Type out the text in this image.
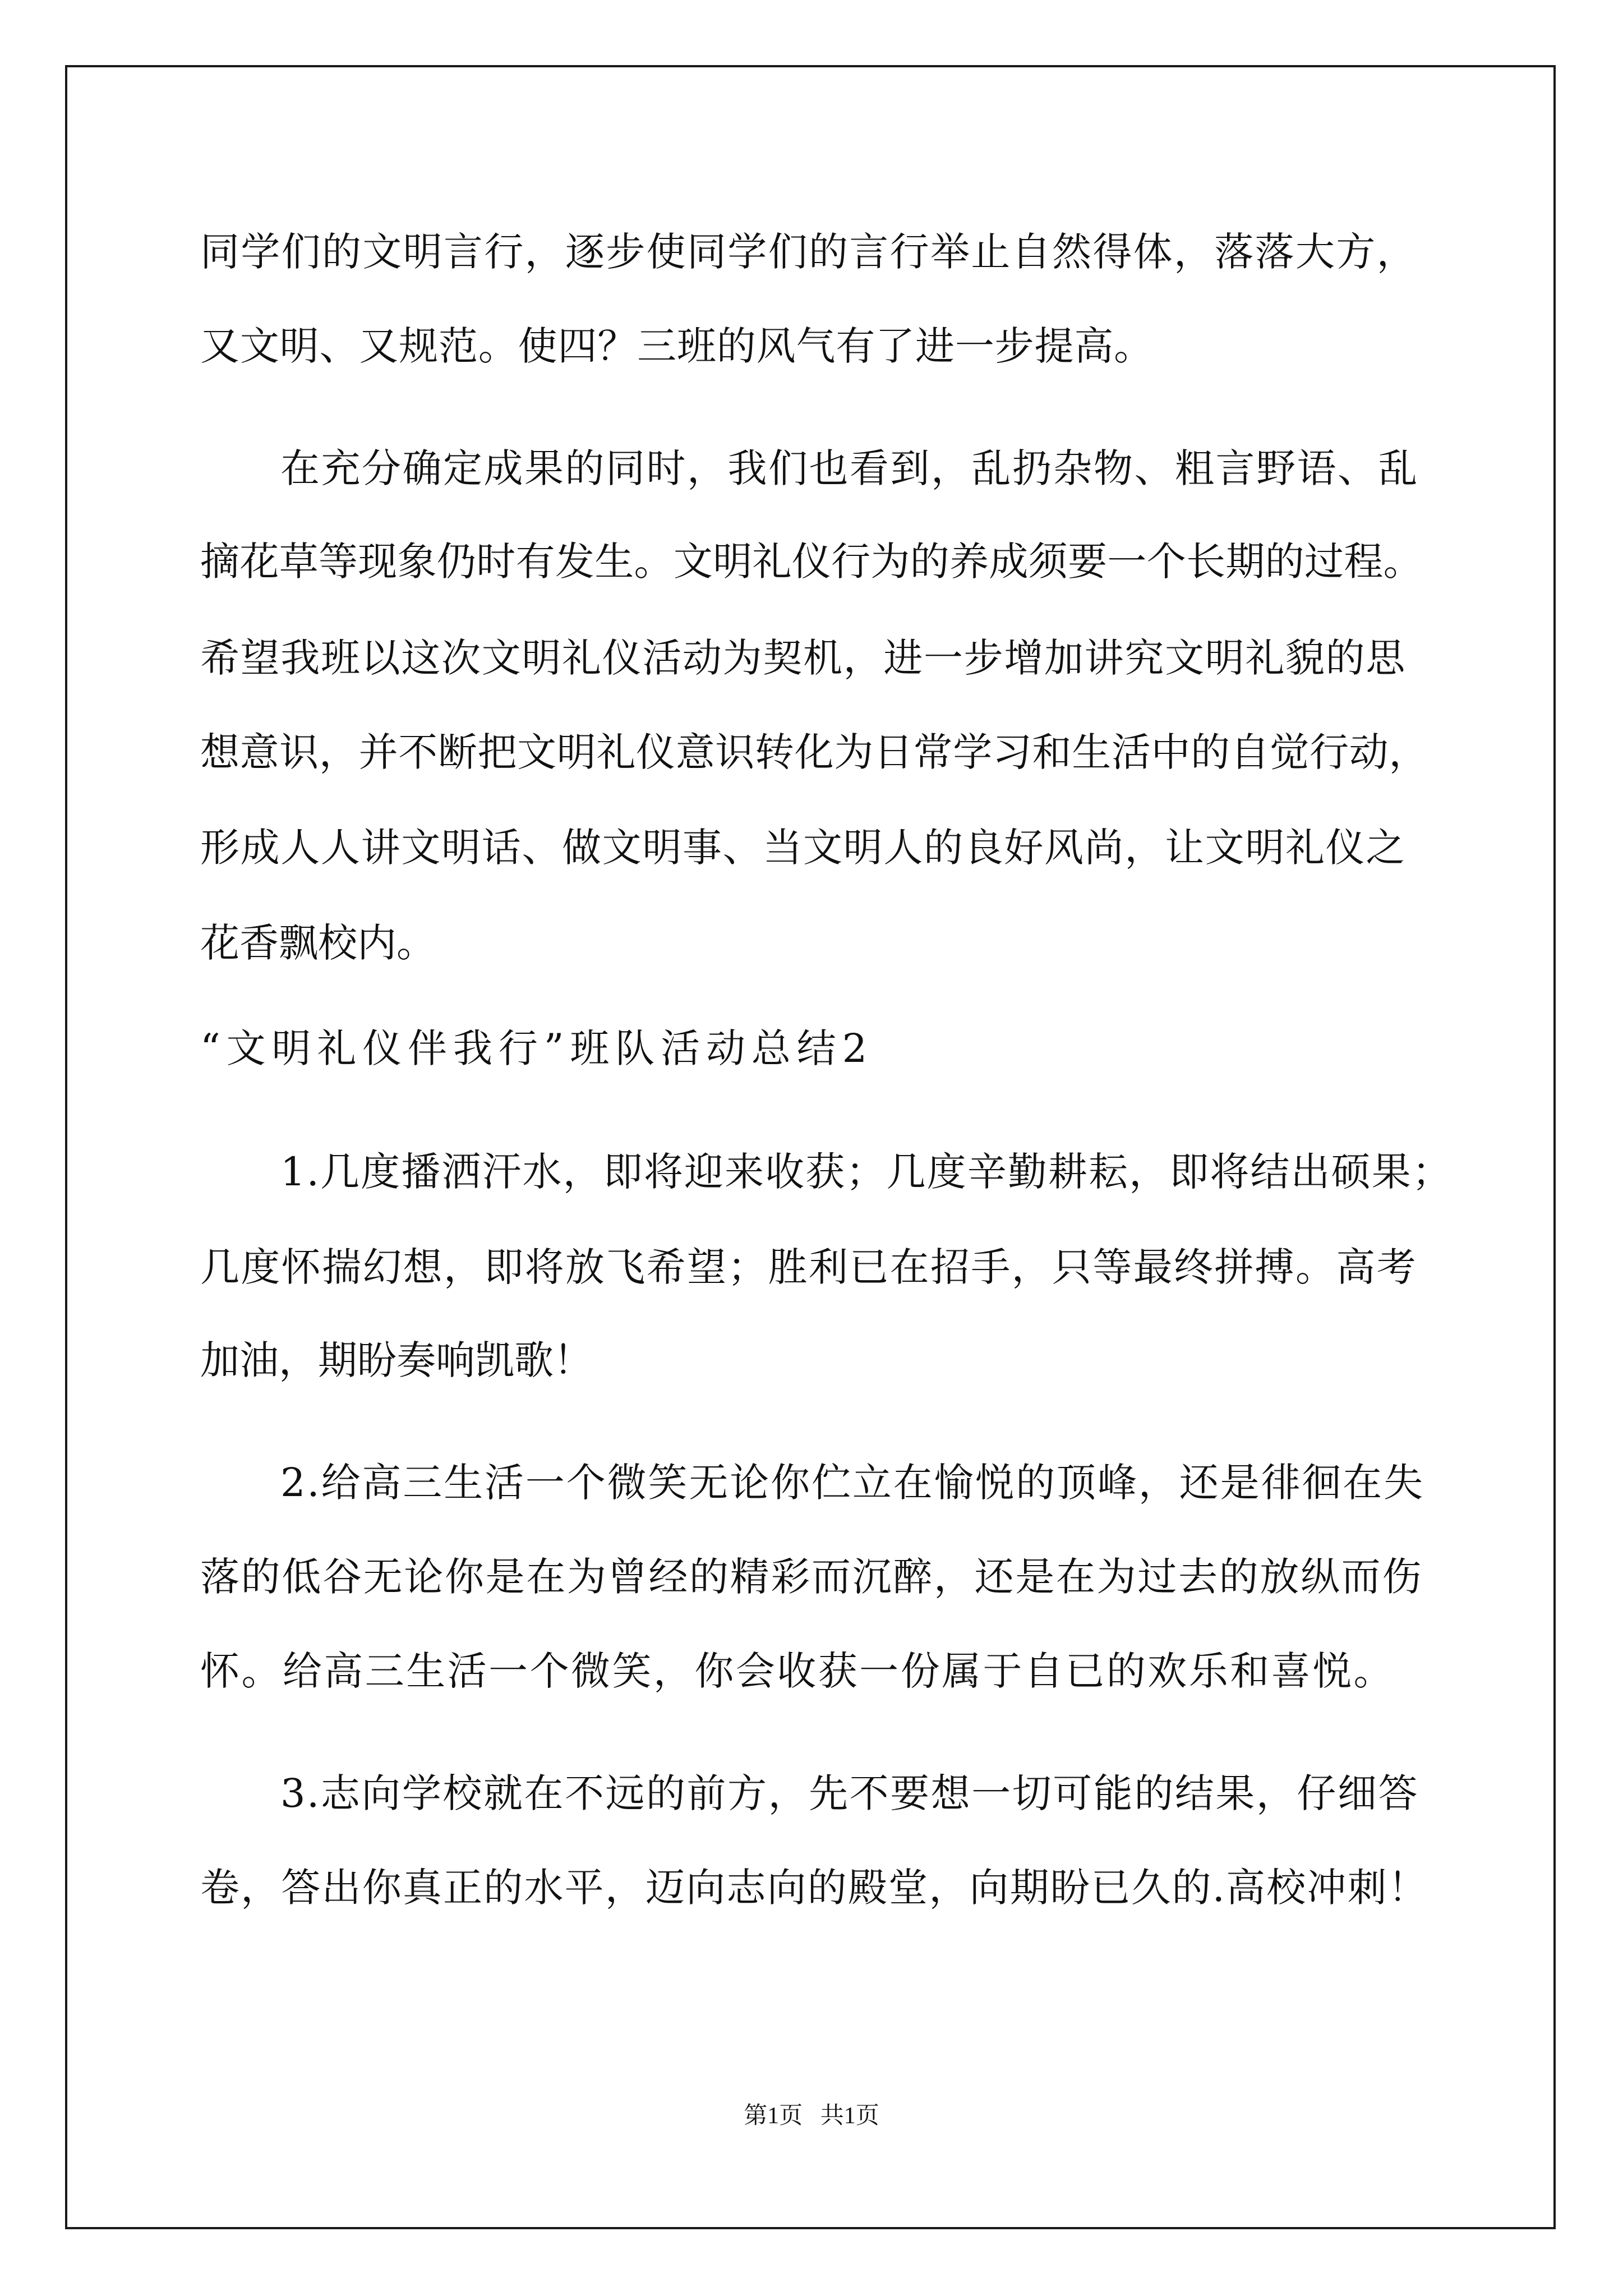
同学们的文明言行，逐步使同学们的言行举止自然得体，落落大方，

又文明、又规范。使四？三班的风气有了进一步提高。

在充分确定成果的同时，我们也看到，乱扔杂物、粗言野语、乱

摘花草等现象仍时有发生。文明礼仪行为的养成须要一个长期的过程。

希望我班以这次文明礼仪活动为契机，进一步增加讲究文明礼貌的思

想意识，并不断把文明礼仪意识转化为日常学习和生活中的自觉行动，

形成人人讲文明话、做文明事、当文明人的良好风尚，让文明礼仪之

花香飘校内。

“文明礼仪伴我行”班队活动总结2

1.几度播洒汗水，即将迎来收获；几度辛勤耕耘，即将结出硕果；

几度怀揣幻想，即将放飞希望；胜利已在招手，只等最终拼搏。高考

加油，期盼奏响凯歌！

2.给高三生活一个微笑无论你伫立在愉悦的顶峰，还是徘徊在失

落的低谷无论你是在为曾经的精彩而沉醉，还是在为过去的放纵而伤

怀。给高三生活一个微笑，你会收获一份属于自已的欢乐和喜悦。

3.志向学校就在不远的前方，先不要想一切可能的结果，仔细答

卷，答出你真正的水平，迈向志向的殿堂，向期盼已久的.高校冲刺！

第1页   共1页
